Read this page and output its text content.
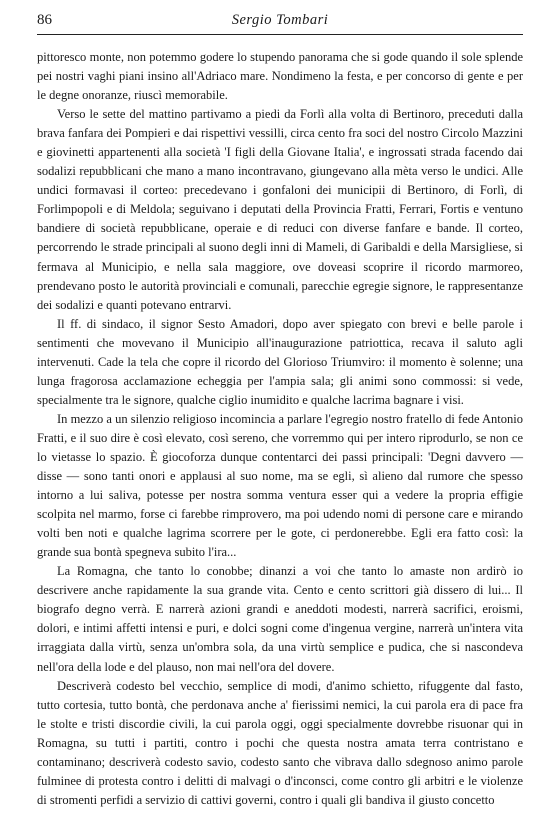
86	Sergio Tombari

pittoresco monte, non potemmo godere lo stupendo panorama che si gode quando il sole splende pei nostri vaghi piani insino all'Adriaco mare. Nondimeno la festa, e per concorso di gente e per le degne onoranze, riuscì memorabile.

Verso le sette del mattino partivamo a piedi da Forlì alla volta di Bertinoro, preceduti dalla brava fanfara dei Pompieri e dai rispettivi vessilli, circa cento fra soci del nostro Circolo Mazzini e giovinetti appartenenti alla società 'I figli della Giovane Italia', e ingrossati strada facendo dai sodalizi repubblicani che mano a mano incontravano, giungevano alla mèta verso le undici. Alle undici formavasi il corteo: precedevano i gonfaloni dei municipii di Bertinoro, di Forlì, di Forlimpopoli e di Meldola; seguivano i deputati della Provincia Fratti, Ferrari, Fortis e ventuno bandiere di società repubblicane, operaie e di reduci con diverse fanfare e bande. Il corteo, percorrendo le strade principali al suono degli inni di Mameli, di Garibaldi e della Marsigliese, si fermava al Municipio, e nella sala maggiore, ove doveasi scoprire il ricordo marmoreo, prendevano posto le autorità provinciali e comunali, parecchie egregie signore, le rappresentanze dei sodalizi e quanti potevano entrarvi.

Il ff. di sindaco, il signor Sesto Amadori, dopo aver spiegato con brevi e belle parole i sentimenti che movevano il Municipio all'inaugurazione patriottica, recava il saluto agli intervenuti. Cade la tela che copre il ricordo del Glorioso Triumviro: il momento è solenne; una lunga fragorosa acclamazione echeggia per l'ampia sala; gli animi sono commossi: si vede, specialmente tra le signore, qualche ciglio inumidito e qualche lacrima bagnare i visi.

In mezzo a un silenzio religioso incomincia a parlare l'egregio nostro fratello di fede Antonio Fratti, e il suo dire è così elevato, così sereno, che vorremmo qui per intero riprodurlo, se non ce lo vietasse lo spazio. È giocoforza dunque contentarci dei passi principali: 'Degni davvero — disse — sono tanti onori e applausi al suo nome, ma se egli, sì alieno dal rumore che spesso intorno a lui saliva, potesse per nostra somma ventura esser qui a vedere la propria effigie scolpita nel marmo, forse ci farebbe rimprovero, ma poi udendo nomi di persone care e mirando volti ben noti e qualche lagrima scorrere per le gote, ci perdonerebbe. Egli era fatto così: la grande sua bontà spegneva subito l'ira...

La Romagna, che tanto lo conobbe; dinanzi a voi che tanto lo amaste non ardirò io descrivere anche rapidamente la sua grande vita. Cento e cento scrittori già dissero di lui... Il biografo degno verrà. E narrerà azioni grandi e aneddoti modesti, narrerà sacrifici, eroismi, dolori, e intimi affetti intensi e puri, e dolci sogni come d'ingenua vergine, narrerà un'intera vita irraggiata dalla virtù, senza un'ombra sola, da una virtù semplice e pudica, che si nascondeva nell'ora della lode e del plauso, non mai nell'ora del dovere.

Descriverà codesto bel vecchio, semplice di modi, d'animo schietto, rifuggente dal fasto, tutto cortesia, tutto bontà, che perdonava anche a' fierissimi nemici, la cui parola era di pace fra le stolte e tristi discordie civili, la cui parola oggi, oggi specialmente dovrebbe risuonar qui in Romagna, su tutti i partiti, contro i pochi che questa nostra amata terra contristano e contaminano; descriverà codesto savio, codesto santo che vibrava dallo sdegnoso animo parole fulminee di protesta contro i delitti di malvagi o d'inconsci, come contro gli arbitri e le violenze di stromenti perfidi a servizio di cattivi governi, contro i quali gli bandiva il giusto concetto
